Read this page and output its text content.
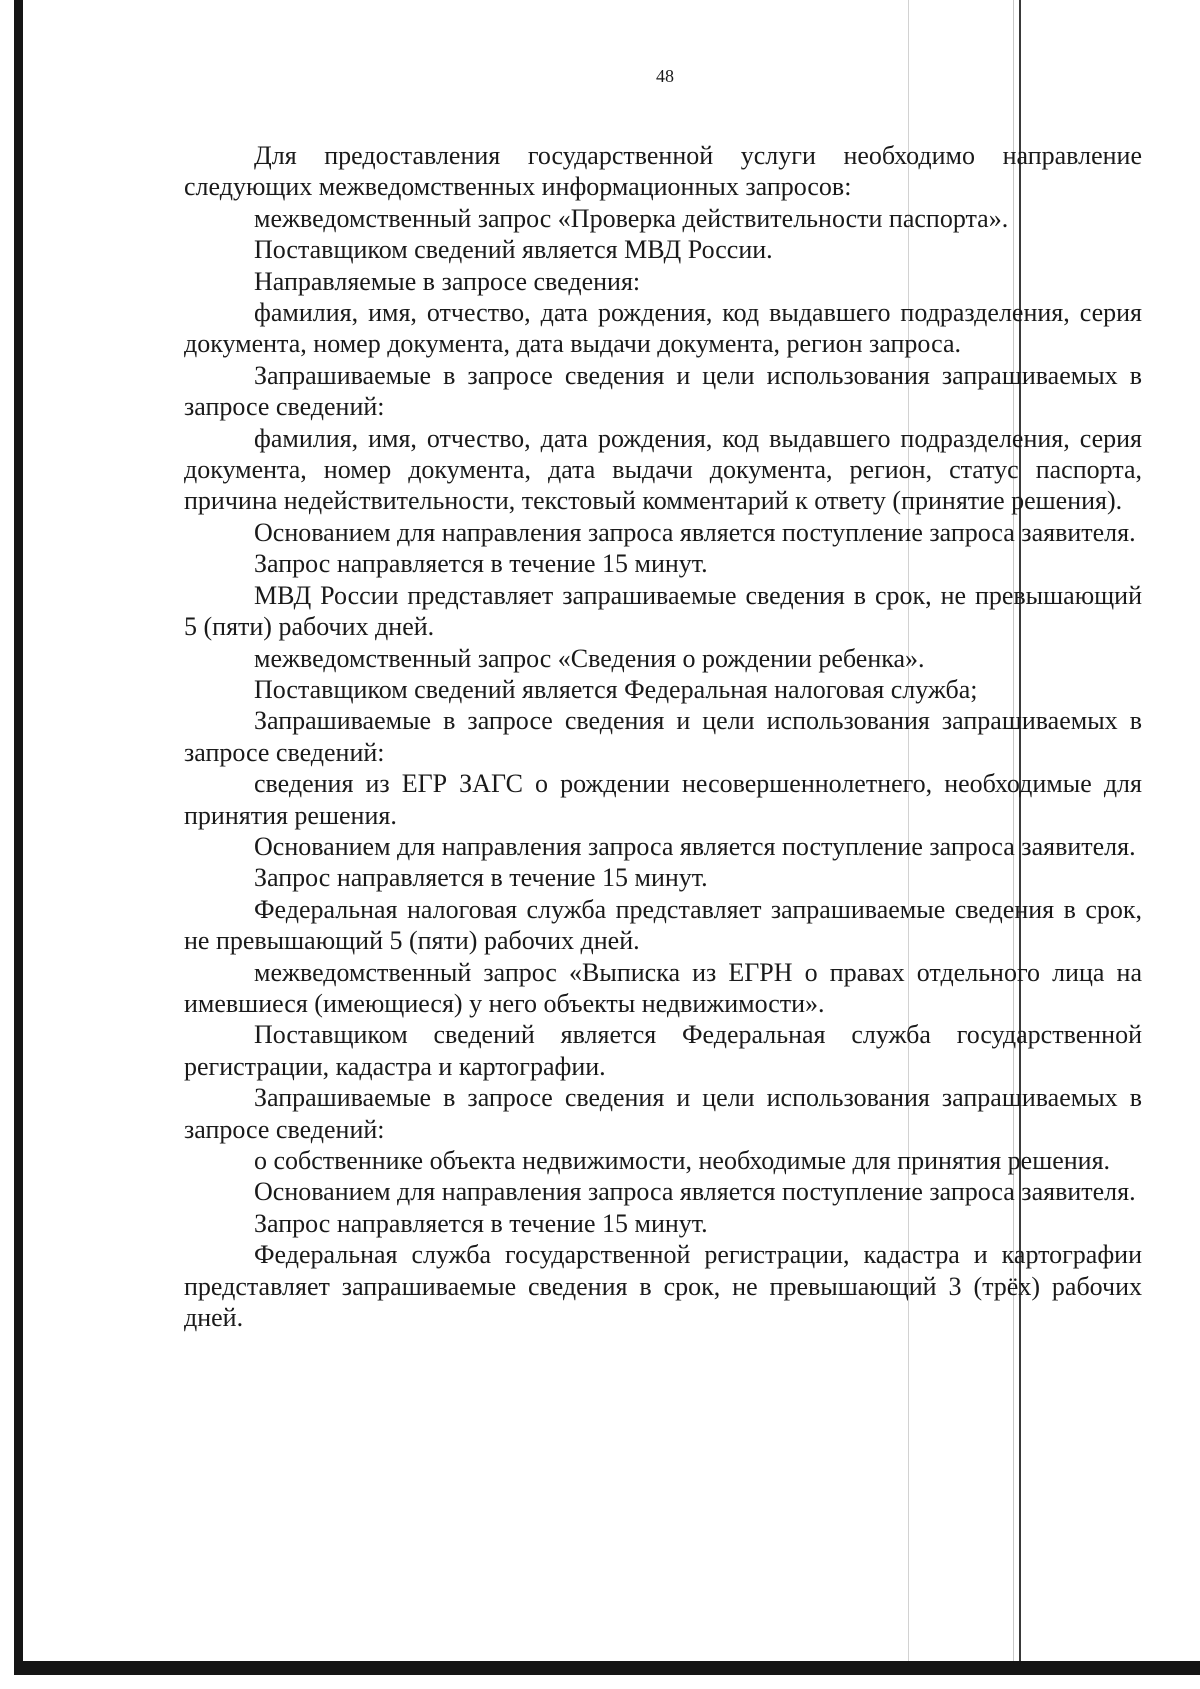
48

Для предоставления государственной услуги необходимо направление следующих межведомственных информационных запросов:

межведомственный запрос «Проверка действительности паспорта».

Поставщиком сведений является МВД России.

Направляемые в запросе сведения:

фамилия, имя, отчество, дата рождения, код выдавшего подразделения, серия документа, номер документа, дата выдачи документа, регион запроса.

Запрашиваемые в запросе сведения и цели использования запрашиваемых в запросе сведений:

фамилия, имя, отчество, дата рождения, код выдавшего подразделения, серия документа, номер документа, дата выдачи документа, регион, статус паспорта, причина недействительности, текстовый комментарий к ответу (принятие решения).

Основанием для направления запроса является поступление запроса заявителя.

Запрос направляется в течение 15 минут.

МВД России представляет запрашиваемые сведения в срок, не превышающий 5 (пяти) рабочих дней.

межведомственный запрос «Сведения о рождении ребенка».

Поставщиком сведений является Федеральная налоговая служба;

Запрашиваемые в запросе сведения и цели использования запрашиваемых в запросе сведений:

сведения из ЕГР ЗАГС о рождении несовершеннолетнего, необходимые для принятия решения.

Основанием для направления запроса является поступление запроса заявителя.

Запрос направляется в течение 15 минут.

Федеральная налоговая служба представляет запрашиваемые сведения в срок, не превышающий 5 (пяти) рабочих дней.

межведомственный запрос «Выписка из ЕГРН о правах отдельного лица на имевшиеся (имеющиеся) у него объекты недвижимости».

Поставщиком сведений является Федеральная служба государственной регистрации, кадастра и картографии.

Запрашиваемые в запросе сведения и цели использования запрашиваемых в запросе сведений:

о собственнике объекта недвижимости, необходимые для принятия решения.

Основанием для направления запроса является поступление запроса заявителя.

Запрос направляется в течение 15 минут.

Федеральная служба государственной регистрации, кадастра и картографии представляет запрашиваемые сведения в срок, не превышающий 3 (трёх) рабочих дней.
